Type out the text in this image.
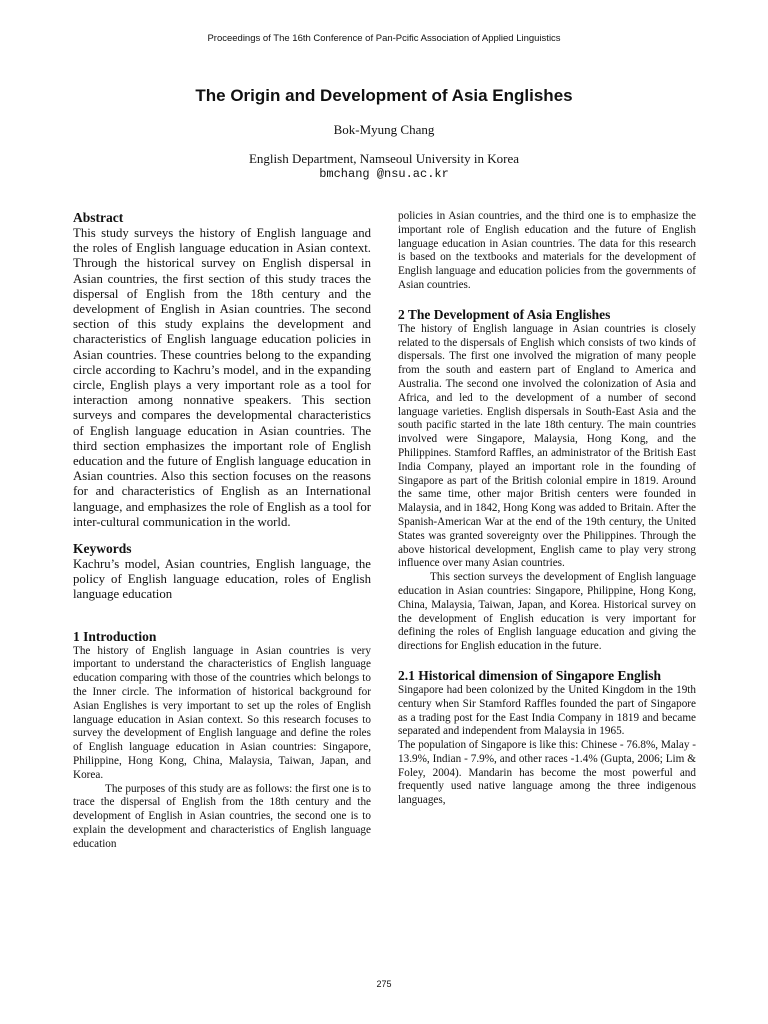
Proceedings of The 16th Conference of Pan-Pcific Association of Applied Linguistics
The Origin and Development of Asia Englishes
Bok-Myung Chang
English Department, Namseoul University in Korea
bmchang @nsu.ac.kr
Abstract

This study surveys the history of English language and the roles of English language education in Asian context. Through the historical survey on English dispersal in Asian countries, the first section of this study traces the dispersal of English from the 18th century and the development of English in Asian countries. The second section of this study explains the development and characteristics of English language education policies in Asian countries. These countries belong to the expanding circle according to Kachru’s model, and in the expanding circle, English plays a very important role as a tool for interaction among nonnative speakers. This section surveys and compares the developmental characteristics of English language education in Asian countries. The third section emphasizes the important role of English education and the future of English language education in Asian countries. Also this section focuses on the reasons for and characteristics of English as an International language, and emphasizes the role of English as a tool for inter-cultural communication in the world.

Keywords

Kachru’s model, Asian countries, English language, the policy of English language education, roles of English language education

1 Introduction

The history of English language in Asian countries is very important to understand the characteristics of English language education comparing with those of the countries which belongs to the Inner circle. The information of historical background for Asian Englishes is very important to set up the roles of English language education in Asian context. So this research focuses to survey the development of English language and define the roles of English language education in Asian countries: Singapore, Philippine, Hong Kong, China, Malaysia, Taiwan, Japan, and Korea.

The purposes of this study are as follows: the first one is to trace the dispersal of English from the 18th century and the development of English in Asian countries, the second one is to explain the development and characteristics of English language education

policies in Asian countries, and the third one is to emphasize the important role of English education and the future of English language education in Asian countries. The data for this research is based on the textbooks and materials for the development of English language and education policies from the governments of Asian countries.

2 The Development of Asia Englishes

The history of English language in Asian countries is closely related to the dispersals of English which consists of two kinds of dispersals. The first one involved the migration of many people from the south and eastern part of England to America and Australia. The second one involved the colonization of Asia and Africa, and led to the development of a number of second language varieties. English dispersals in South-East Asia and the south pacific started in the late 18th century. The main countries involved were Singapore, Malaysia, Hong Kong, and the Philippines. Stamford Raffles, an administrator of the British East India Company, played an important role in the founding of Singapore as part of the British colonial empire in 1819. Around the same time, other major British centers were founded in Malaysia, and in 1842, Hong Kong was added to Britain. After the Spanish-American War at the end of the 19th century, the United States was granted sovereignty over the Philippines. Through the above historical development, English came to play very strong influence over many Asian countries.

This section surveys the development of English language education in Asian countries: Singapore, Philippine, Hong Kong, China, Malaysia, Taiwan, Japan, and Korea. Historical survey on the development of English education is very important for defining the roles of English language education and giving the directions for English education in the future.

2.1 Historical dimension of Singapore English

Singapore had been colonized by the United Kingdom in the 19th century when Sir Stamford Raffles founded the part of Singapore as a trading post for the East India Company in 1819 and became separated and independent from Malaysia in 1965.

The population of Singapore is like this: Chinese - 76.8%, Malay - 13.9%, Indian - 7.9%, and other races -1.4% (Gupta, 2006; Lim & Foley, 2004). Mandarin has become the most powerful and frequently used native language among the three indigenous languages,

275
